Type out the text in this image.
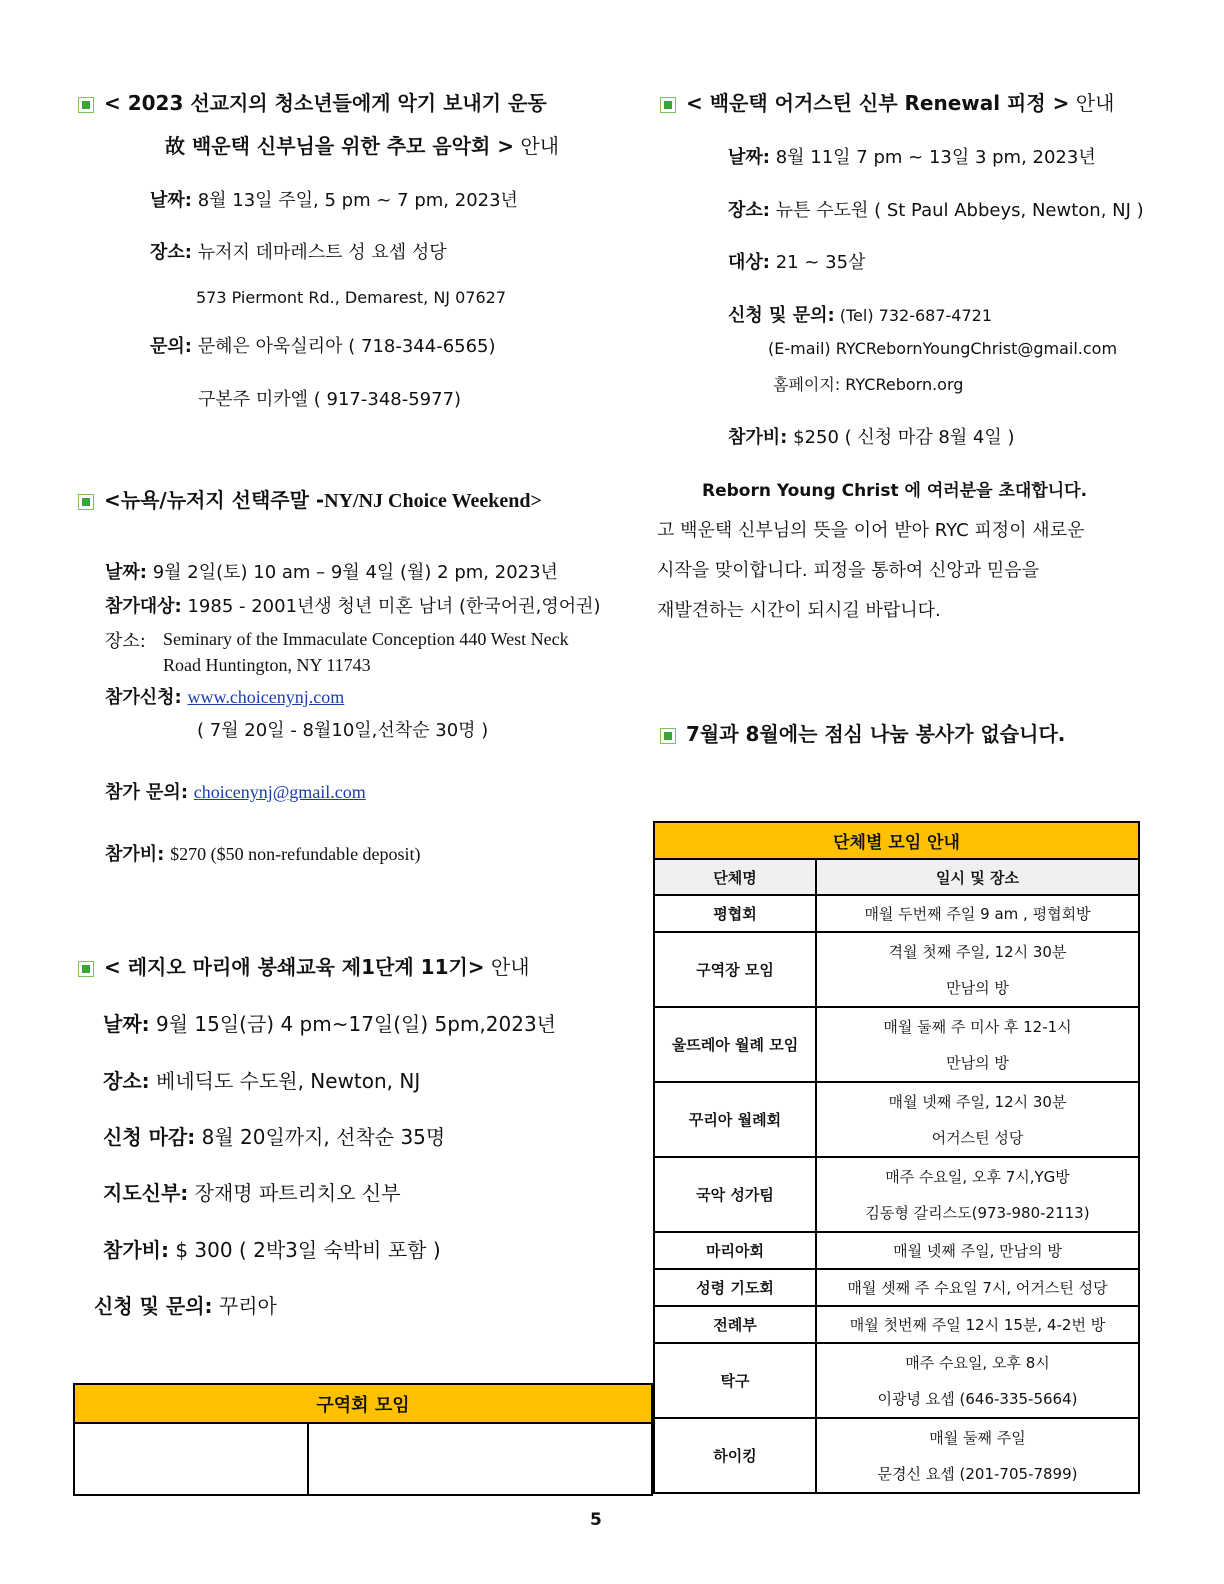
< 2023 선교지의 청소년들에게 악기 보내기 운동
故 백운택 신부님을 위한 추모 음악회 > 안내
날짜: 8월 13일 주일, 5 pm ~ 7 pm, 2023년
장소: 뉴저지 데마레스트 성 요셉 성당
573 Piermont Rd., Demarest, NJ 07627
문의: 문혜은 아욱실리아 ( 718-344-6565)
구본주 미카엘 ( 917-348-5977)
<뉴욕/뉴저지 선택주말 -NY/NJ Choice Weekend>
날짜: 9월 2일(토) 10 am – 9월 4일 (월) 2 pm, 2023년
참가대상: 1985 - 2001년생 청년 미혼 남녀 (한국어권,영어권)
장소: Seminary of the Immaculate Conception 440 West Neck
Road Huntington, NY 11743
참가신청: www.choicenynj.com
( 7월 20일 - 8월10일,선착순 30명 )
참가 문의: choicenynj@gmail.com
참가비: $270 ($50 non-refundable deposit)
< 레지오 마리애 봉쇄교육 제1단계 11기> 안내
날짜: 9월 15일(금) 4 pm~17일(일) 5pm,2023년
장소: 베네딕도 수도원, Newton, NJ
신청 마감: 8월 20일까지, 선착순 35명
지도신부: 장재명 파트리치오 신부
참가비: $ 300 ( 2박3일 숙박비 포함 )
신청 및 문의: 꾸리아
구역회 모임

< 백운택 어거스틴 신부 Renewal 피정 > 안내
날짜: 8월 11일 7 pm ~ 13일 3 pm, 2023년
장소: 뉴튼 수도원 ( St Paul Abbeys, Newton, NJ )
대상: 21 ~ 35살
신청 및 문의: (Tel) 732-687-4721
(E-mail) RYCRebornYoungChrist@gmail.com
홈페이지: RYCReborn.org
참가비: $250 ( 신청 마감 8월 4일 )
Reborn Young Christ 에 여러분을 초대합니다.
고 백운택 신부님의 뜻을 이어 받아 RYC 피정이 새로운
시작을 맞이합니다. 피정을 통하여 신앙과 믿음을
재발견하는 시간이 되시길 바랍니다.
7월과 8월에는 점심 나눔 봉사가 없습니다.
단체별 모임 안내	
단체명	일시 및 장소
평협회	매월 두번째 주일 9 am , 평협회방
구역장 모임	격월 첫째 주일, 12시 30분
만남의 방

울뜨레아 월례 모임	매월 둘째 주 미사 후 12-1시
만남의 방

꾸리아 월례회	매월 넷째 주일, 12시 30분
어거스틴 성당

국악 성가팀	매주 수요일, 오후 7시,YG방
김동형 갈리스도(973-980-2113)

마리아회	매월 넷째 주일, 만남의 방
성령 기도회	매월 셋째 주 수요일 7시, 어거스틴 성당
전례부	매월 첫번째 주일 12시 15분, 4-2번 방
탁구	매주 수요일, 오후 8시
이광녕 요셉 (646-335-5664)

하이킹	매월 둘째 주일
문경신 요셉 (201-705-7899)
5
